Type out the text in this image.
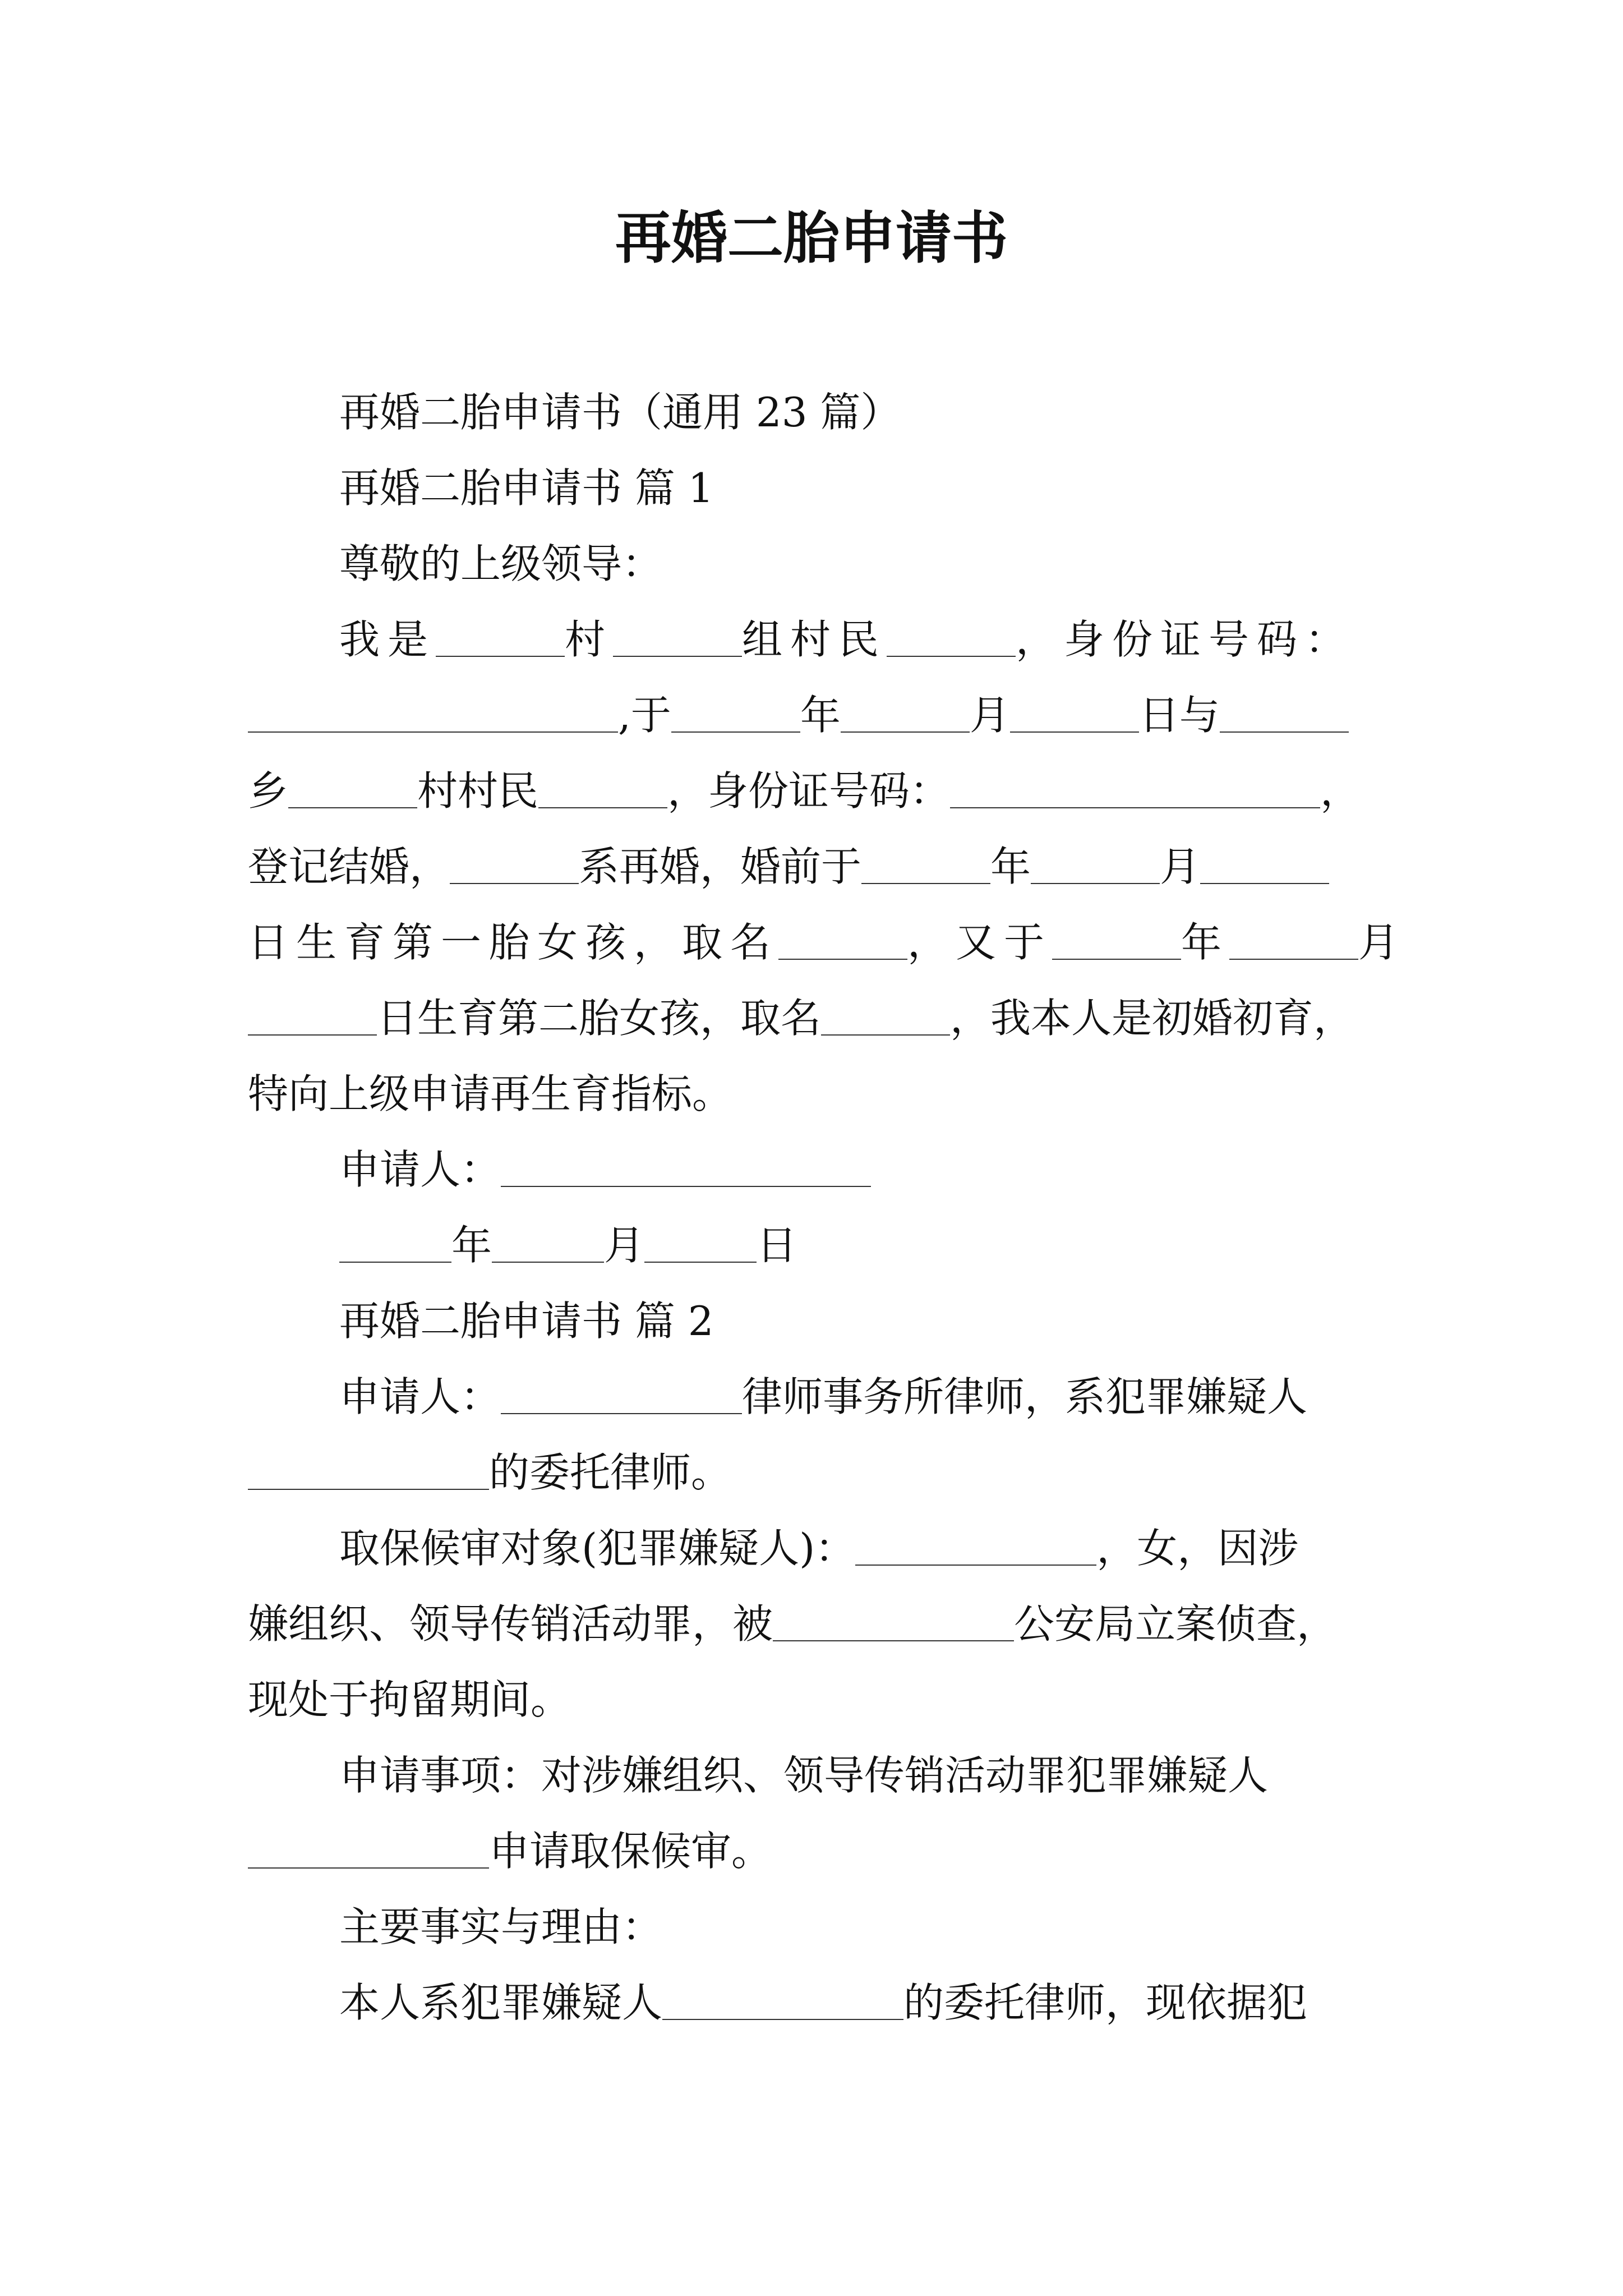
再婚二胎申请书
再婚二胎申请书（通用 23 篇）
再婚二胎申请书 篇 1
尊敬的上级领导：
我是	村	组村民	，身份证号码：
,于	年	月	日与
乡	村村民	，身份证号码：	，
登记结婚，	系再婚，婚前于	年	月
日生育第一胎女孩，取名	，又于	年	月
日生育第二胎女孩，取名	，我本人是初婚初育，
特向上级申请再生育指标。
申请人：
年	月	日
再婚二胎申请书 篇 2
申请人：	律师事务所律师，系犯罪嫌疑人
的委托律师。
取保候审对象(犯罪嫌疑人)：	，女，因涉
嫌组织、领导传销活动罪，被	公安局立案侦查，
现处于拘留期间。
申请事项：对涉嫌组织、领导传销活动罪犯罪嫌疑人
申请取保候审。
主要事实与理由：
本人系犯罪嫌疑人	的委托律师，现依据犯
